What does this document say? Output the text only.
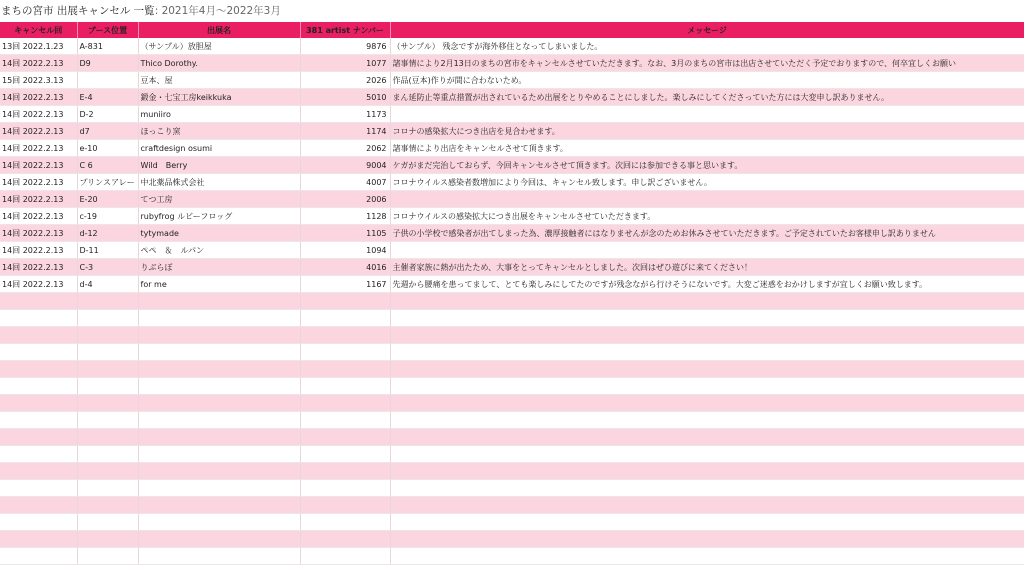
まちの宮市 出展キャンセル 一覧: 2021年4月～2022年3月
キャンセル回	ブース位置	出展名	381 artist ナンバー	メッセージ
13回 2022.1.23	A-831	（サンプル）放胆屋	9876	（サンプル） 残念ですが海外移住となってしまいました。
14回 2022.2.13	D9	Thico Dorothy.	1077	諸事情により2月13日のまちの宮市をキャンセルさせていただきます。なお、3月のまちの宮市は出店させていただく予定でおりますので、何卒宜しくお願い
15回 2022.3.13		豆本、屋	2026	作品(豆本)作りが間に合わないため。
14回 2022.2.13	E-4	鍛金・七宝工房keikkuka	5010	まん延防止等重点措置が出されているため出展をとりやめることにしました。楽しみにしてくださっていた方には大変申し訳ありません。
14回 2022.2.13	D-2	muniiro	1173	
14回 2022.2.13	d7	ほっこり窯	1174	コロナの感染拡大につき出店を見合わせます。
14回 2022.2.13	e-10	craftdesign osumi	2062	諸事情により出店をキャンセルさせて頂きます。
14回 2022.2.13	C 6	Wild　Berry	9004	ケガがまだ完治しておらず、今回キャンセルさせて頂きます。次回には参加できる事と思います。
14回 2022.2.13	プリンスアレー	中北薬品株式会社	4007	コロナウイルス感染者数増加により今回は、キャンセル致します。申し訳ございません。
14回 2022.2.13	E-20	てつ工房	2006	
14回 2022.2.13	c-19	rubyfrog ルビーフロッグ	1128	コロナウイルスの感染拡大につき出展をキャンセルさせていただきます。
14回 2022.2.13	d-12	tytymade	1105	子供の小学校で感染者が出てしまった為、濃厚接触者にはなりませんが念のためお休みさせていただきます。ご予定されていたお客様申し訳ありません
14回 2022.2.13	D-11	ペペ　＆　ルパン	1094	
14回 2022.2.13	C-3	りぶらぼ	4016	主催者家族に熱が出たため、大事をとってキャンセルとしました。次回はぜひ遊びに来てください！
14回 2022.2.13	d-4	for me	1167	先週から腰痛を患ってまして、とても楽しみにしてたのですが残念ながら行けそうにないです。大変ご迷惑をおかけしますが宜しくお願い致します。
